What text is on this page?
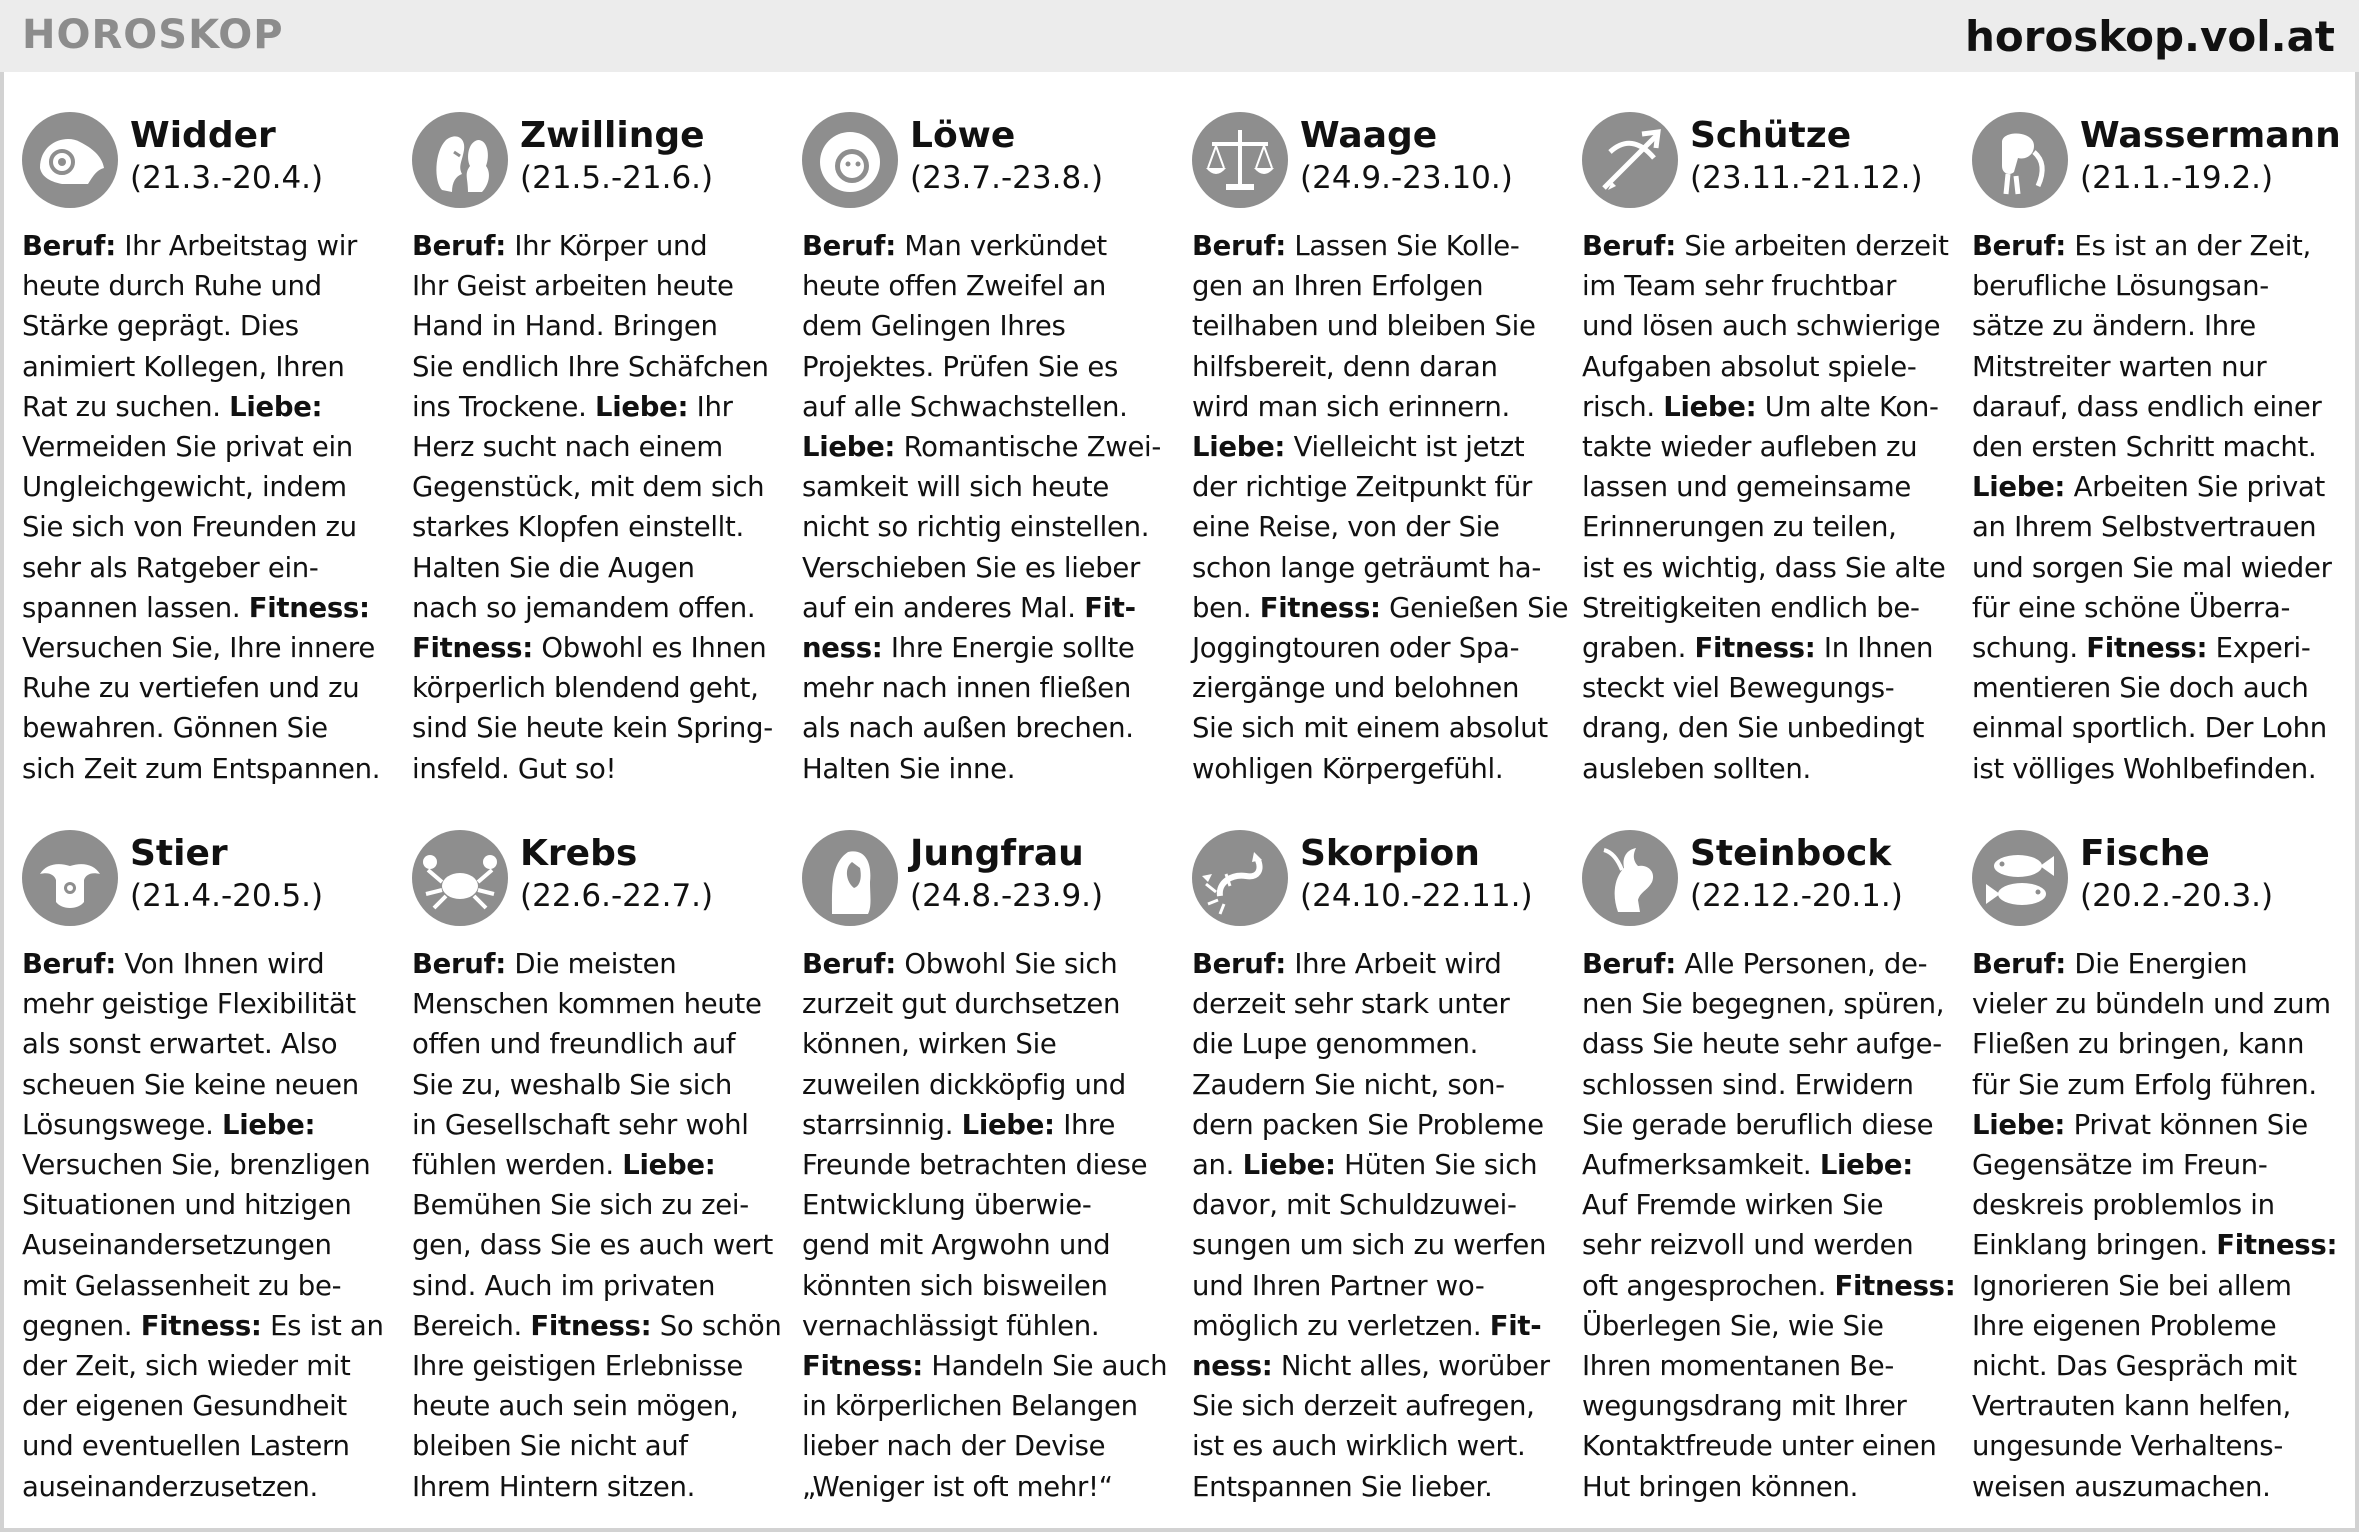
HOROSKOP	horoskop.vol.at
Widder
(21.3.-20.4.)

Beruf: Ihr Arbeitstag wir

heute durch Ruhe und

Stärke geprägt. Dies

animiert Kollegen, Ihren

Rat zu suchen. Liebe:

Vermeiden Sie privat ein

Ungleichgewicht, indem

Sie sich von Freunden zu

sehr als Ratgeber ein-

spannen lassen. Fitness:

Versuchen Sie, Ihre innere

Ruhe zu vertiefen und zu

bewahren. Gönnen Sie

sich Zeit zum Entspannen.

Zwillinge
(21.5.-21.6.)

Beruf: Ihr Körper und

Ihr Geist arbeiten heute

Hand in Hand. Bringen

Sie endlich Ihre Schäfchen

ins Trockene. Liebe: Ihr

Herz sucht nach einem

Gegenstück, mit dem sich

starkes Klopfen einstellt.

Halten Sie die Augen

nach so jemandem offen.

Fitness: Obwohl es Ihnen

körperlich blendend geht,

sind Sie heute kein Spring-

insfeld. Gut so!

Löwe
(23.7.-23.8.)

Beruf: Man verkündet

heute offen Zweifel an

dem Gelingen Ihres

Projektes. Prüfen Sie es

auf alle Schwachstellen.

Liebe: Romantische Zwei-

samkeit will sich heute

nicht so richtig einstellen.

Verschieben Sie es lieber

auf ein anderes Mal. Fit-

ness: Ihre Energie sollte

mehr nach innen fließen

als nach außen brechen.

Halten Sie inne.

Waage
(24.9.-23.10.)

Beruf: Lassen Sie Kolle-

gen an Ihren Erfolgen

teilhaben und bleiben Sie

hilfsbereit, denn daran

wird man sich erinnern.

Liebe: Vielleicht ist jetzt

der richtige Zeitpunkt für

eine Reise, von der Sie

schon lange geträumt ha-

ben. Fitness: Genießen Sie

Joggingtouren oder Spa-

ziergänge und belohnen

Sie sich mit einem absolut

wohligen Körpergefühl.

Schütze
(23.11.-21.12.)

Beruf: Sie arbeiten derzeit

im Team sehr fruchtbar

und lösen auch schwierige

Aufgaben absolut spiele-

risch. Liebe: Um alte Kon-

takte wieder aufleben zu

lassen und gemeinsame

Erinnerungen zu teilen,

ist es wichtig, dass Sie alte

Streitigkeiten endlich be-

graben. Fitness: In Ihnen

steckt viel Bewegungs-

drang, den Sie unbedingt

ausleben sollten.

Wassermann
(21.1.-19.2.)

Beruf: Es ist an der Zeit,

berufliche Lösungsan-

sätze zu ändern. Ihre

Mitstreiter warten nur

darauf, dass endlich einer

den ersten Schritt macht.

Liebe: Arbeiten Sie privat

an Ihrem Selbstvertrauen

und sorgen Sie mal wieder

für eine schöne Überra-

schung. Fitness: Experi-

mentieren Sie doch auch

einmal sportlich. Der Lohn

ist völliges Wohlbefinden.

Stier
(21.4.-20.5.)

Beruf: Von Ihnen wird

mehr geistige Flexibilität

als sonst erwartet. Also

scheuen Sie keine neuen

Lösungswege. Liebe:

Versuchen Sie, brenzligen

Situationen und hitzigen

Auseinandersetzungen

mit Gelassenheit zu be-

gegnen. Fitness: Es ist an

der Zeit, sich wieder mit

der eigenen Gesundheit

und eventuellen Lastern

auseinanderzusetzen.

Krebs
(22.6.-22.7.)

Beruf: Die meisten

Menschen kommen heute

offen und freundlich auf

Sie zu, weshalb Sie sich

in Gesellschaft sehr wohl

fühlen werden. Liebe:

Bemühen Sie sich zu zei-

gen, dass Sie es auch wert

sind. Auch im privaten

Bereich. Fitness: So schön

Ihre geistigen Erlebnisse

heute auch sein mögen,

bleiben Sie nicht auf

Ihrem Hintern sitzen.

Jungfrau
(24.8.-23.9.)

Beruf: Obwohl Sie sich

zurzeit gut durchsetzen

können, wirken Sie

zuweilen dickköpfig und

starrsinnig. Liebe: Ihre

Freunde betrachten diese

Entwicklung überwie-

gend mit Argwohn und

könnten sich bisweilen

vernachlässigt fühlen.

Fitness: Handeln Sie auch

in körperlichen Belangen

lieber nach der Devise

„Weniger ist oft mehr!“

Skorpion
(24.10.-22.11.)

Beruf: Ihre Arbeit wird

derzeit sehr stark unter

die Lupe genommen.

Zaudern Sie nicht, son-

dern packen Sie Probleme

an. Liebe: Hüten Sie sich

davor, mit Schuldzuwei-

sungen um sich zu werfen

und Ihren Partner wo-

möglich zu verletzen. Fit-

ness: Nicht alles, worüber

Sie sich derzeit aufregen,

ist es auch wirklich wert.

Entspannen Sie lieber.

Steinbock
(22.12.-20.1.)

Beruf: Alle Personen, de-

nen Sie begegnen, spüren,

dass Sie heute sehr aufge-

schlossen sind. Erwidern

Sie gerade beruflich diese

Aufmerksamkeit. Liebe:

Auf Fremde wirken Sie

sehr reizvoll und werden

oft angesprochen. Fitness:

Überlegen Sie, wie Sie

Ihren momentanen Be-

wegungsdrang mit Ihrer

Kontaktfreude unter einen

Hut bringen können.

Fische
(20.2.-20.3.)

Beruf: Die Energien

vieler zu bündeln und zum

Fließen zu bringen, kann

für Sie zum Erfolg führen.

Liebe: Privat können Sie

Gegensätze im Freun-

deskreis problemlos in

Einklang bringen. Fitness:

Ignorieren Sie bei allem

Ihre eigenen Probleme

nicht. Das Gespräch mit

Vertrauten kann helfen,

ungesunde Verhaltens-

weisen auszumachen.
